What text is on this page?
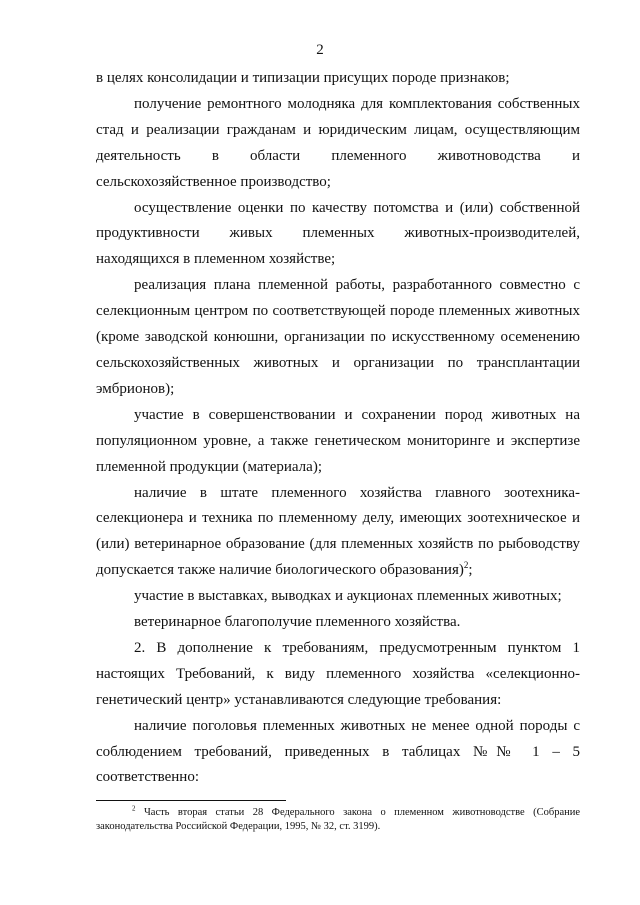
2

в целях консолидации и типизации присущих породе признаков;

получение ремонтного молодняка для комплектования собственных стад и реализации гражданам и юридическим лицам, осуществляющим деятельность в области племенного животноводства и сельскохозяйственное производство;

осуществление оценки по качеству потомства и (или) собственной продуктивности живых племенных животных-производителей, находящихся в племенном хозяйстве;

реализация плана племенной работы, разработанного совместно с селекционным центром по соответствующей породе племенных животных (кроме заводской конюшни, организации по искусственному осеменению сельскохозяйственных животных и организации по трансплантации эмбрионов);

участие в совершенствовании и сохранении пород животных на популяционном уровне, а также генетическом мониторинге и экспертизе племенной продукции (материала);

наличие в штате племенного хозяйства главного зоотехника-селекционера и техника по племенному делу, имеющих зоотехническое и (или) ветеринарное образование (для племенных хозяйств по рыбоводству допускается также наличие биологического образования)$^2$;

участие в выставках, выводках и аукционах племенных животных;

ветеринарное благополучие племенного хозяйства.

2. В дополнение к требованиям, предусмотренным пунктом 1 настоящих Требований, к виду племенного хозяйства «селекционно-генетический центр» устанавливаются следующие требования:

наличие поголовья племенных животных не менее одной породы с соблюдением требований, приведенных в таблицах №№ 1 – 5 соответственно:

$^2$ Часть вторая статьи 28 Федерального закона о племенном животноводстве (Собрание законодательства Российской Федерации, 1995, № 32, ст. 3199).
